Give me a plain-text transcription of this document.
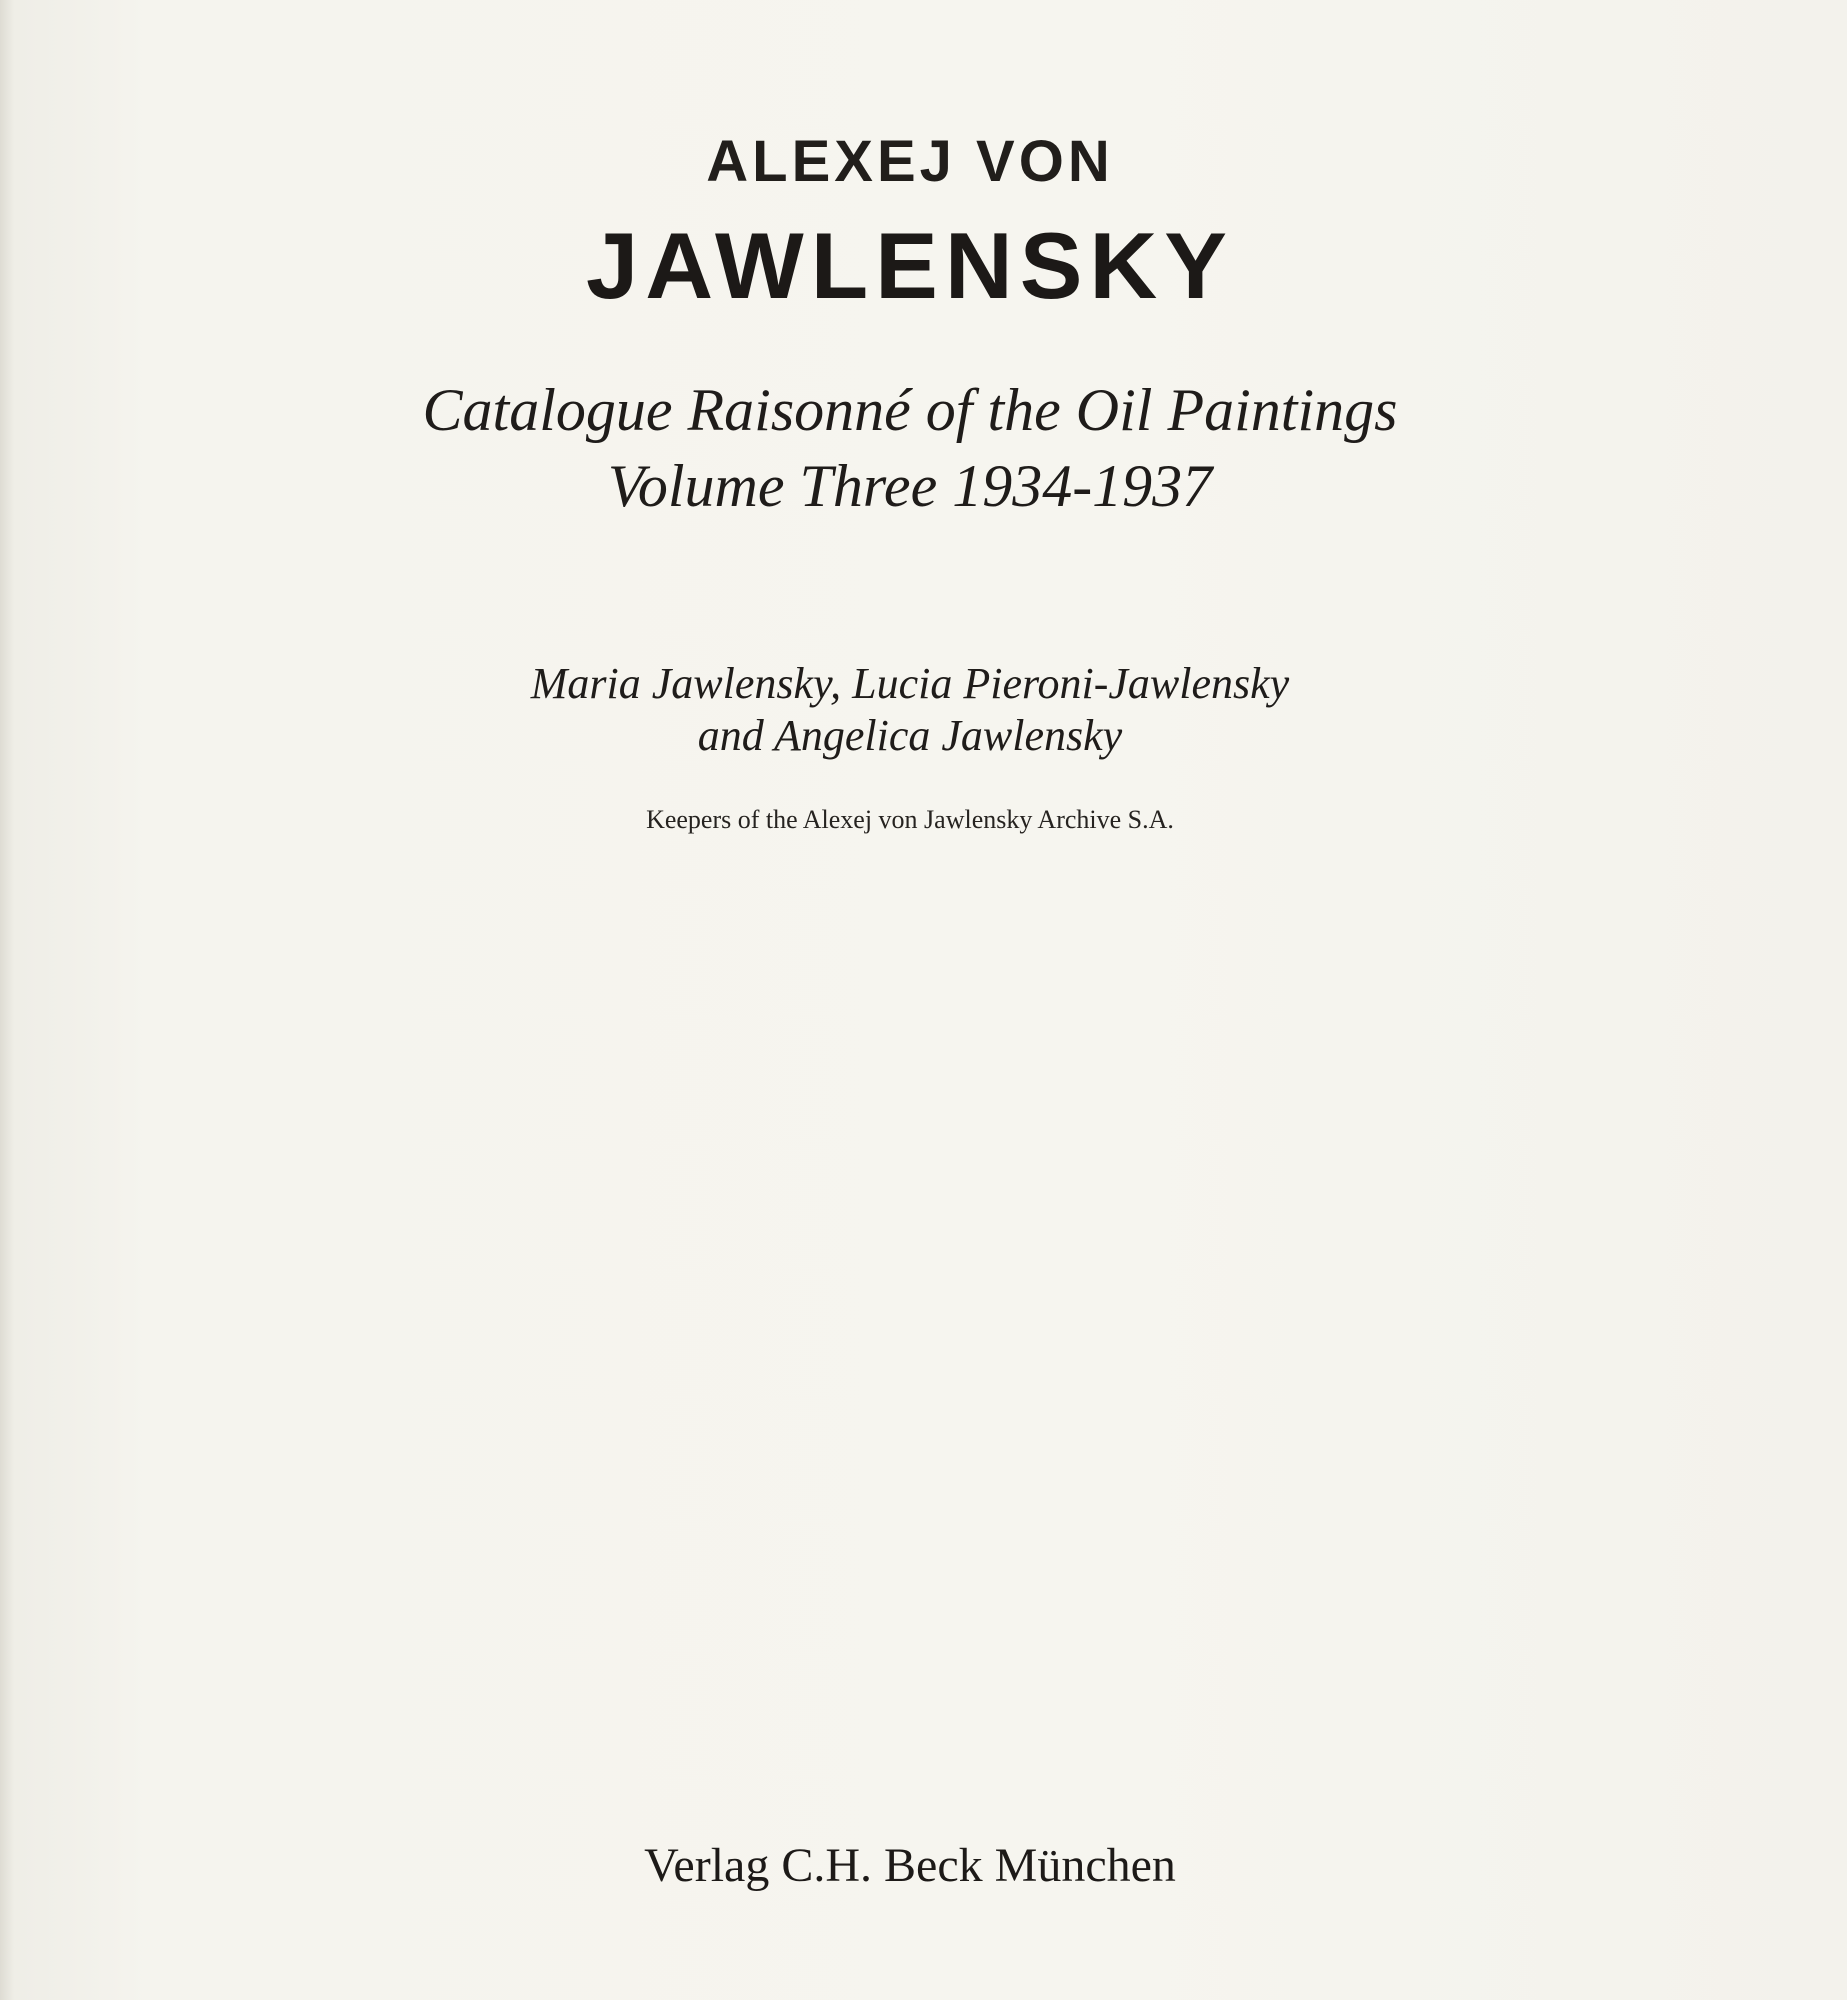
ALEXEJ VON
JAWLENSKY
Catalogue Raisonné of the Oil Paintings
Volume Three 1934-1937
Maria Jawlensky, Lucia Pieroni-Jawlensky
and Angelica Jawlensky
Keepers of the Alexej von Jawlensky Archive S.A.
Verlag C.H. Beck München
